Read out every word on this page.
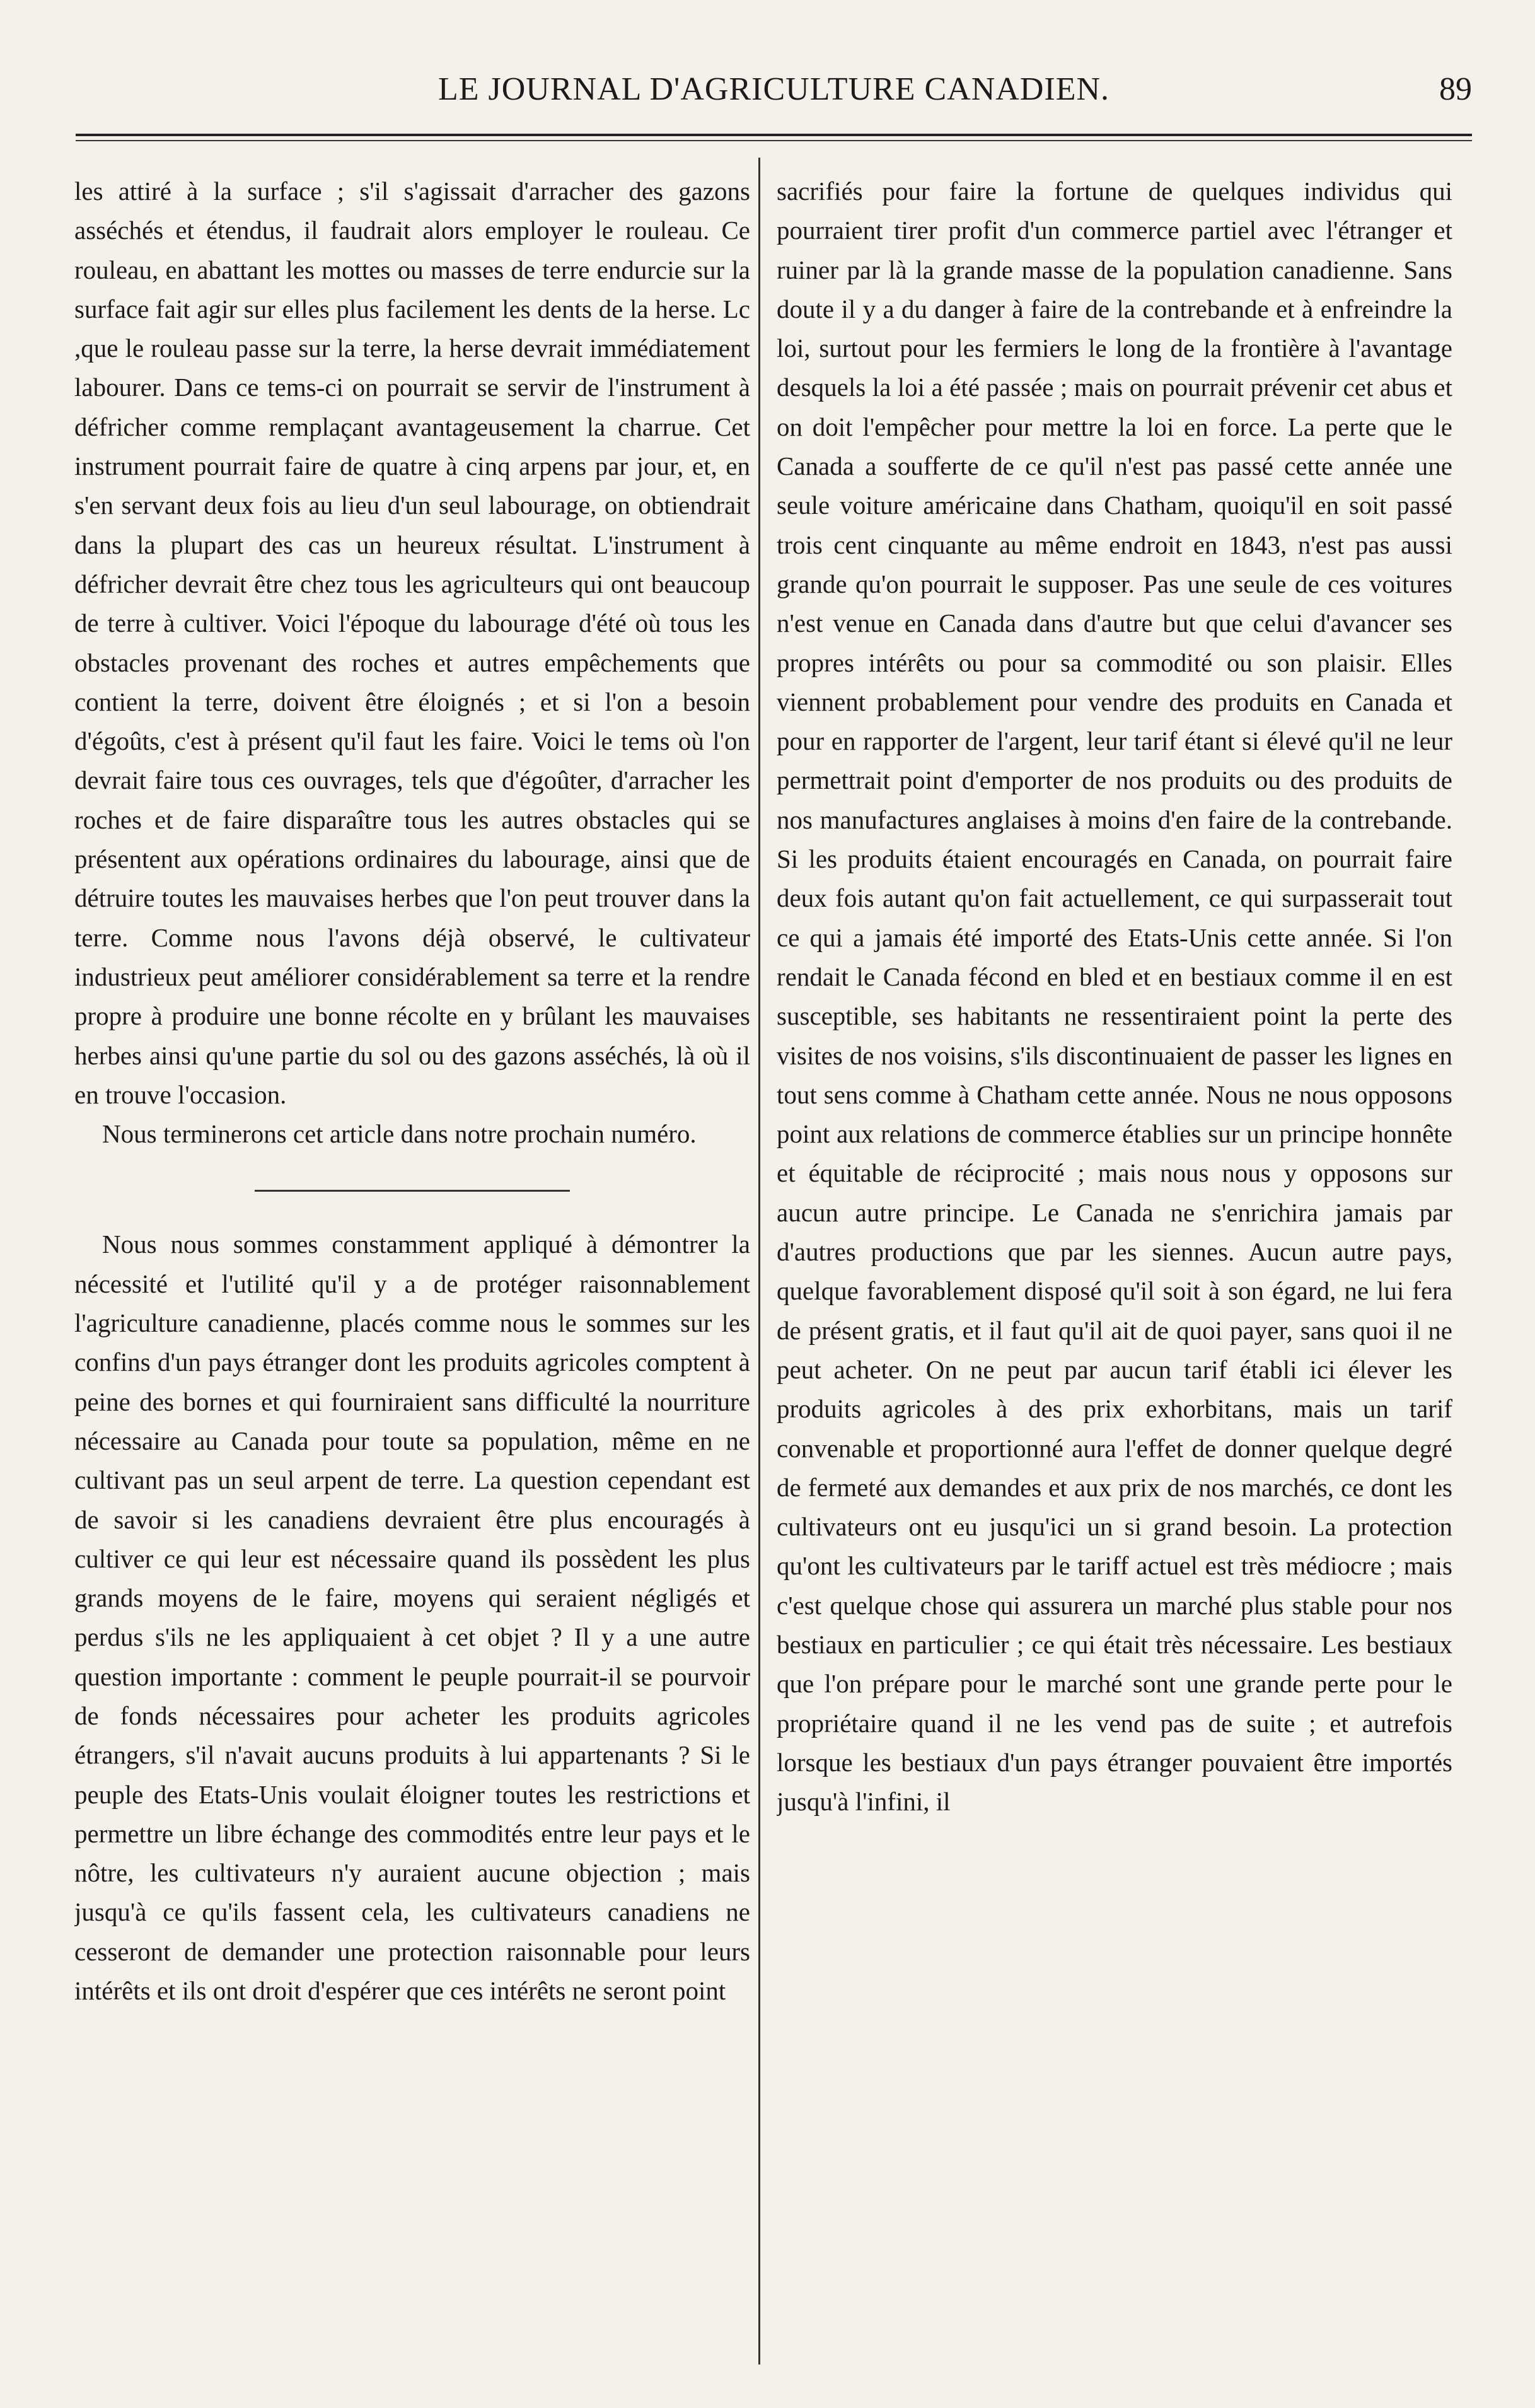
LE JOURNAL D'AGRICULTURE CANADIEN.	89

les attiré à la surface ; s'il s'agissait d'arracher des gazons asséchés et étendus, il faudrait alors employer le rouleau. Ce rouleau, en abattant les mottes ou masses de terre endurcie sur la surface fait agir sur elles plus facilement les dents de la herse. Lc ,que le rouleau passe sur la terre, la herse devrait immédiatement labourer. Dans ce tems-ci on pourrait se servir de l'instrument à défricher comme remplaçant avantageusement la charrue. Cet instrument pourrait faire de quatre à cinq arpens par jour, et, en s'en servant deux fois au lieu d'un seul labourage, on obtiendrait dans la plupart des cas un heureux résultat. L'instrument à défricher devrait être chez tous les agriculteurs qui ont beaucoup de terre à cultiver. Voici l'époque du labourage d'été où tous les obstacles provenant des roches et autres empêchements que contient la terre, doivent être éloignés ; et si l'on a besoin d'égoûts, c'est à présent qu'il faut les faire. Voici le tems où l'on devrait faire tous ces ouvrages, tels que d'égoûter, d'arracher les roches et de faire disparaître tous les autres obstacles qui se présentent aux opérations ordinaires du labourage, ainsi que de détruire toutes les mauvaises herbes que l'on peut trouver dans la terre. Comme nous l'avons déjà observé, le cultivateur industrieux peut améliorer considérablement sa terre et la rendre propre à produire une bonne récolte en y brûlant les mauvaises herbes ainsi qu'une partie du sol ou des gazons asséchés, là où il en trouve l'occasion.

Nous terminerons cet article dans notre prochain numéro.

Nous nous sommes constamment appliqué à démontrer la nécessité et l'utilité qu'il y a de protéger raisonnablement l'agriculture canadienne, placés comme nous le sommes sur les confins d'un pays étranger dont les produits agricoles comptent à peine des bornes et qui fourniraient sans difficulté la nourriture nécessaire au Canada pour toute sa population, même en ne cultivant pas un seul arpent de terre. La question cependant est de savoir si les canadiens devraient être plus encouragés à cultiver ce qui leur est nécessaire quand ils possèdent les plus grands moyens de le faire, moyens qui seraient négligés et perdus s'ils ne les appliquaient à cet objet ? Il y a une autre question importante : comment le peuple pourrait-il se pourvoir de fonds nécessaires pour acheter les produits agricoles étrangers, s'il n'avait aucuns produits à lui appartenants ? Si le peuple des Etats-Unis voulait éloigner toutes les restrictions et permettre un libre échange des commodités entre leur pays et le nôtre, les cultivateurs n'y auraient aucune objection ; mais jusqu'à ce qu'ils fassent cela, les cultivateurs canadiens ne cesseront de demander une protection raisonnable pour leurs intérêts et ils ont droit d'espérer que ces intérêts ne seront point

sacrifiés pour faire la fortune de quelques individus qui pourraient tirer profit d'un commerce partiel avec l'étranger et ruiner par là la grande masse de la population canadienne. Sans doute il y a du danger à faire de la contrebande et à enfreindre la loi, surtout pour les fermiers le long de la frontière à l'avantage desquels la loi a été passée ; mais on pourrait prévenir cet abus et on doit l'empêcher pour mettre la loi en force. La perte que le Canada a soufferte de ce qu'il n'est pas passé cette année une seule voiture américaine dans Chatham, quoiqu'il en soit passé trois cent cinquante au même endroit en 1843, n'est pas aussi grande qu'on pourrait le supposer. Pas une seule de ces voitures n'est venue en Canada dans d'autre but que celui d'avancer ses propres intérêts ou pour sa commodité ou son plaisir. Elles viennent probablement pour vendre des produits en Canada et pour en rapporter de l'argent, leur tarif étant si élevé qu'il ne leur permettrait point d'emporter de nos produits ou des produits de nos manufactures anglaises à moins d'en faire de la contrebande. Si les produits étaient encouragés en Canada, on pourrait faire deux fois autant qu'on fait actuellement, ce qui surpasserait tout ce qui a jamais été importé des Etats-Unis cette année. Si l'on rendait le Canada fécond en bled et en bestiaux comme il en est susceptible, ses habitants ne ressentiraient point la perte des visites de nos voisins, s'ils discontinuaient de passer les lignes en tout sens comme à Chatham cette année. Nous ne nous opposons point aux relations de commerce établies sur un principe honnête et équitable de réciprocité ; mais nous nous y opposons sur aucun autre principe. Le Canada ne s'enrichira jamais par d'autres productions que par les siennes. Aucun autre pays, quelque favorablement disposé qu'il soit à son égard, ne lui fera de présent gratis, et il faut qu'il ait de quoi payer, sans quoi il ne peut acheter. On ne peut par aucun tarif établi ici élever les produits agricoles à des prix exhorbitans, mais un tarif convenable et proportionné aura l'effet de donner quelque degré de fermeté aux demandes et aux prix de nos marchés, ce dont les cultivateurs ont eu jusqu'ici un si grand besoin. La protection qu'ont les cultivateurs par le tariff actuel est très médiocre ; mais c'est quelque chose qui assurera un marché plus stable pour nos bestiaux en particulier ; ce qui était très nécessaire. Les bestiaux que l'on prépare pour le marché sont une grande perte pour le propriétaire quand il ne les vend pas de suite ; et autrefois lorsque les bestiaux d'un pays étranger pouvaient être importés jusqu'à l'infini, il
